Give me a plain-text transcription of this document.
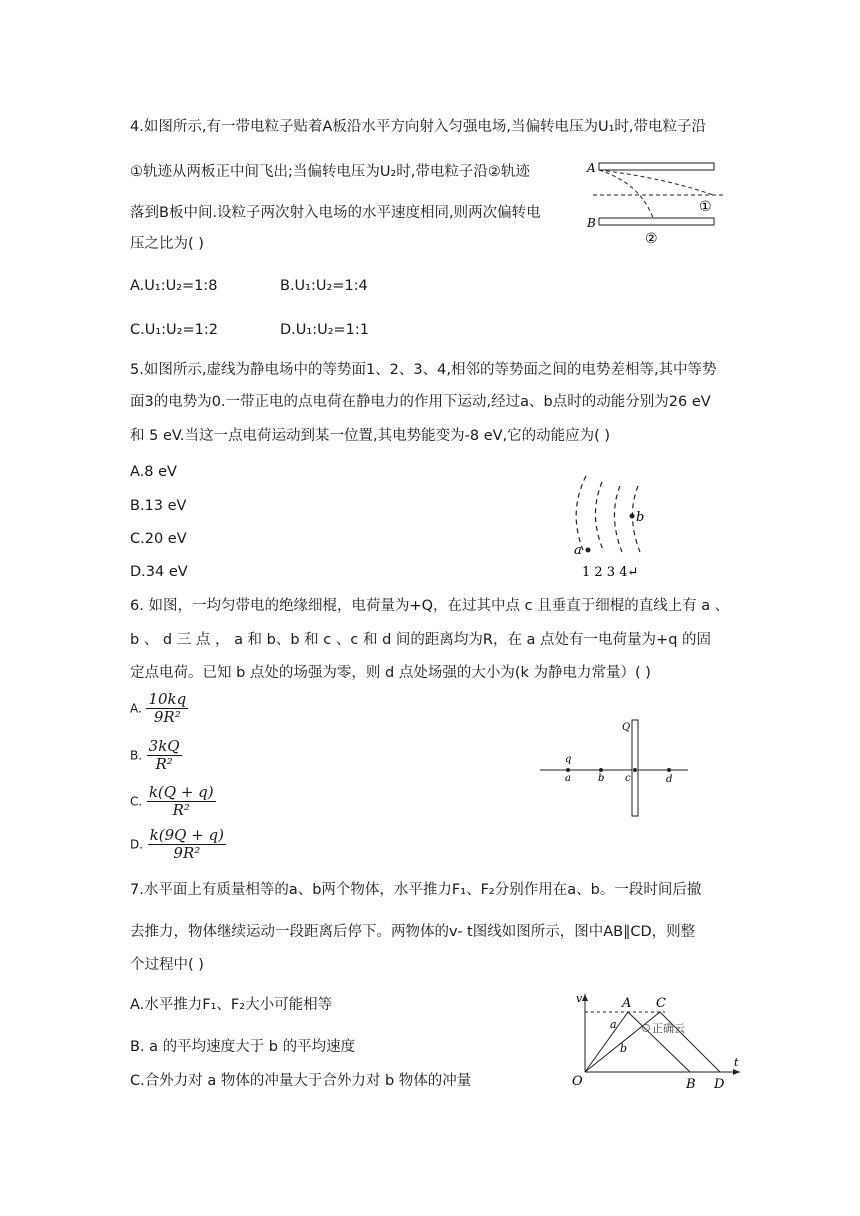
4.如图所示,有一带电粒子贴着A板沿水平方向射入匀强电场,当偏转电压为U₁时,带电粒子沿
①轨迹从两板正中间飞出;当偏转电压为U₂时,带电粒子沿②轨迹
落到B板中间.设粒子两次射入电场的水平速度相同,则两次偏转电
压之比为( )
A.U₁:U₂=1:8	B.U₁:U₂=1:4
C.U₁:U₂=1:2	D.U₁:U₂=1:1
A
B
①
②
5.如图所示,虚线为静电场中的等势面1、2、3、4,相邻的等势面之间的电势差相等,其中等势
面3的电势为0.一带正电的点电荷在静电力的作用下运动,经过a、b点时的动能分别为26 eV
和 5 eV.当这一点电荷运动到某一位置,其电势能变为-8 eV,它的动能应为( )
A.8 eV
B.13 eV
C.20 eV
D.34 eV
b
a
1 2 3 4↵
6. 如图，一均匀带电的绝缘细棍，电荷量为+Q，在过其中点 c 且垂直于细棍的直线上有 a 、
b 、 d 三 点 ， a 和 b、b 和 c 、c 和 d 间的距离均为R，在 a 点处有一电荷量为+q 的固
定点电荷。已知 b 点处的场强为零，则 d 点处场强的大小为(k 为静电力常量）( )
A. $\frac{10kq}{\text{9R²}}$
B. $\frac{3kQ}{\text{R²}}$
C. $\frac{k(Q + q)}{\text{R²}}$
D. $\frac{k(9Q + q)}{\text{9R²}}$
Q
q
a	b c	d
7.水平面上有质量相等的a、b两个物体，水平推力F₁、F₂分别作用在a、b。一段时间后撤
去推力，物体继续运动一段距离后停下。两物体的v- t图线如图所示，图中AB∥CD，则整
个过程中( )
A.水平推力F₁、F₂大小可能相等
B. a 的平均速度大于 b 的平均速度
C.合外力对 a 物体的冲量大于合外力对 b 物体的冲量
v
t
O
A C
B D
a
b
正确云
